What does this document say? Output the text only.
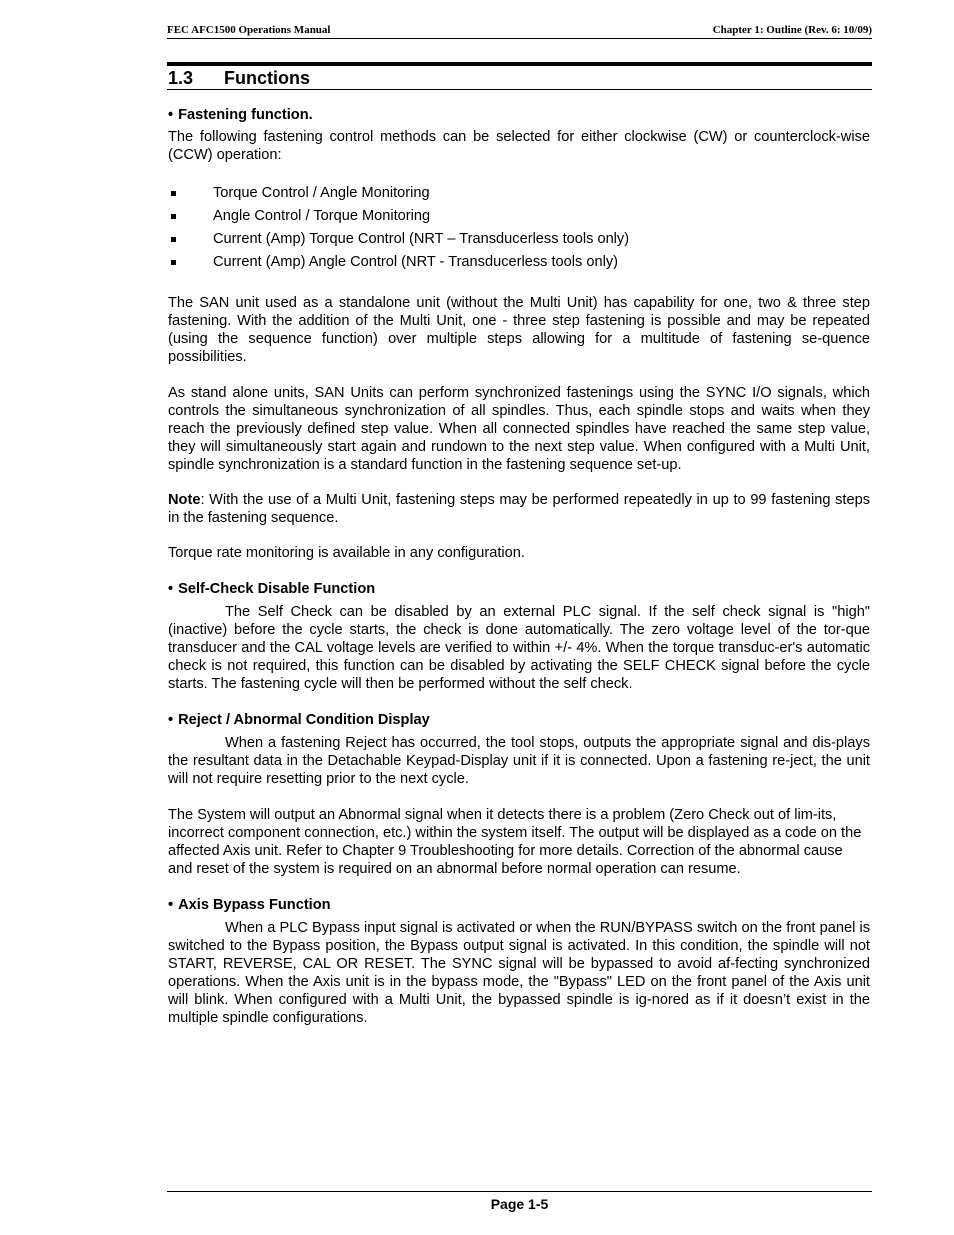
FEC AFC1500 Operations Manual	Chapter 1: Outline (Rev. 6: 10/09)
1.3 Functions

• Fastening function.

The following fastening control methods can be selected for either clockwise (CW) or counterclock-wise (CCW) operation:

Torque Control / Angle Monitoring
Angle Control / Torque Monitoring
Current (Amp) Torque Control (NRT – Transducerless tools only)
Current (Amp) Angle Control (NRT - Transducerless tools only)

The SAN unit used as a standalone unit (without the Multi Unit) has capability for one, two & three step fastening. With the addition of the Multi Unit, one - three step fastening is possible and may be repeated (using the sequence function) over multiple steps allowing for a multitude of fastening se-quence possibilities.

As stand alone units, SAN Units can perform synchronized fastenings using the SYNC I/O signals, which controls the simultaneous synchronization of all spindles. Thus, each spindle stops and waits when they reach the previously defined step value. When all connected spindles have reached the same step value, they will simultaneously start again and rundown to the next step value. When configured with a Multi Unit, spindle synchronization is a standard function in the fastening sequence set-up.

Note: With the use of a Multi Unit, fastening steps may be performed repeatedly in up to 99 fastening steps in the fastening sequence.

Torque rate monitoring is available in any configuration.

• Self-Check Disable Function

The Self Check can be disabled by an external PLC signal. If the self check signal is "high" (inactive) before the cycle starts, the check is done automatically. The zero voltage level of the tor-que transducer and the CAL voltage levels are verified to within +/- 4%. When the torque transduc-er's automatic check is not required, this function can be disabled by activating the SELF CHECK signal before the cycle starts. The fastening cycle will then be performed without the self check.

• Reject / Abnormal Condition Display

When a fastening Reject has occurred, the tool stops, outputs the appropriate signal and dis-plays the resultant data in the Detachable Keypad-Display unit if it is connected. Upon a fastening re-ject, the unit will not require resetting prior to the next cycle.

The System will output an Abnormal signal when it detects there is a problem (Zero Check out of lim-its, incorrect component connection, etc.) within the system itself. The output will be displayed as a code on the affected Axis unit. Refer to Chapter 9 Troubleshooting for more details. Correction of the abnormal cause and reset of the system is required on an abnormal before normal operation can resume.

• Axis Bypass Function

When a PLC Bypass input signal is activated or when the RUN/BYPASS switch on the front panel is switched to the Bypass position, the Bypass output signal is activated. In this condition, the spindle will not START, REVERSE, CAL OR RESET. The SYNC signal will be bypassed to avoid af-fecting synchronized operations. When the Axis unit is in the bypass mode, the "Bypass" LED on the front panel of the Axis unit will blink. When configured with a Multi Unit, the bypassed spindle is ig-nored as if it doesn’t exist in the multiple spindle configurations.

Page 1-5
